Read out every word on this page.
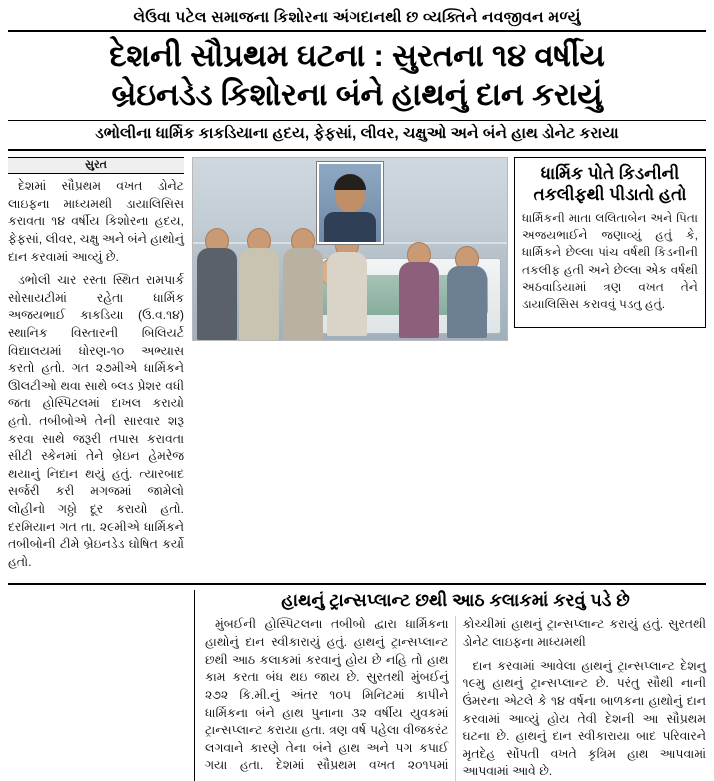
લેઉવા પટેલ સમાજના કિશોરના અંગદાનથી છ વ્યક્તિને નવજીવન મળ્યું
દેશની સૌપ્રથમ ઘટના : સુરતના ૧૪ વર્ષીય
બ્રેઇનડેડ કિશોરના બંને હાથનું દાન કરાયું
ડભોલીના ધાર્મિક કાકડિયાના હદય, ફેફસાં, લીવર, ચક્ષુઓ અને બંને હાથ ડોનેટ કરાયા
સુરત

દેશમાં સૌપ્રથમ વખત ડોનેટ લાઇફના માધ્યમથી ડાયાલિસિસ કરાવતા ૧૪ વર્ષીય કિશોરના હદય, ફેફસાં, લીવર, ચક્ષુ અને બંને હાથોનું દાન કરવામાં આવ્યું છે.

ડભોલી ચાર રસ્તા સ્થિત રામપાર્ક સોસાયટીમાં રહેતા ધાર્મિક અજયભાઈ કાકડિયા (ઉ.વ.૧૪) સ્થાનિક વિસ્તારની બિલિયર્ટ વિદ્યાલયમાં ધોરણ-૧૦ અભ્યાસ કરતો હતો. ગત ૨૭મીએ ધાર્મિકને ઊલટીઓ થવા સાથે બ્લડ પ્રેશર વધી જતા હોસ્પિટલમાં દાખલ કરાયો હતો. તબીબોએ તેની સારવાર શરૂ કરવા સાથે જરૂરી તપાસ કરાવતા સીટી સ્કેનમાં તેને બ્રેઇન હેમરેજ થયાનું નિદાન થયું હતું. ત્યારબાદ સર્જરી કરી મગજમાં જામેલો લોહીનો ગઠ્ઠો દૂર કરાયો હતો. દરમિયાન ગત તા. ૨૯મીએ ધાર્મિકને તબીબોની ટીમે બ્રેઇનડેડ ઘોષિત કર્યો હતો.

ધાર્મિક પોતે કિડનીની
તકલીફથી પીડાતો હતો

ધાર્મિકની માતા લલિતાબેન અને પિતા અજયભાઈને જણાવ્યું હતું કે, ધાર્મિકને છેલ્લા પાંચ વર્ષથી કિડનીની તકલીફ હતી અને છેલ્લા એક વર્ષથી અઠવાડિયામાં ત્રણ વખત તેને ડાયાલિસિસ કરાવવું પડતુ હતું.

હાથનું ટ્રાન્સપ્લાન્ટ છથી આઠ કલાકમાં કરવું પડે છે

મુંબઈની હોસ્પિટલના તબીબો દ્વારા ધાર્મિકના હાથોનું દાન સ્વીકારાયું હતું. હાથનું ટ્રાન્સપ્લાન્ટ છથી આઠ કલાકમાં કરવાનું હોય છે નહિ તો હાથ કામ કરતા બંધ થઇ જાય છે. સુરતથી મુંબઈનું ૨૭૨ કિ.મી.નું અંતર ૧૦૫ મિનિટમાં કાપીને ધાર્મિકના બંને હાથ પુનાના ૩૨ વર્ષીય યુવકમાં ટ્રાન્સપ્લાન્ટ કરાયા હતા. ત્રણ વર્ષ પહેલા વીજકરંટ લગવાને કારણે તેના બંને હાથ અને પગ કપાઈ ગયા હતા. દેશમાં સૌપ્રથમ વખત ૨૦૧૫માં કોચ્ચીમાં હાથનું ટ્રાન્સપ્લાન્ટ કરાયું હતું. સુરતથી ડોનેટ લાઇફના માધ્યમથી

દાન કરવામાં આવેલા હાથનું ટ્રાન્સપ્લાન્ટ દેશનુ ૧૯મુ હાથનું ટ્રાન્સપ્લાન્ટ છે. પરંતુ સૌથી નાની ઉંમરના એટલે કે ૧૪ વર્ષના બાળકના હાથોનું દાન કરવામાં આવ્યું હોય તેવી દેશની આ સૌપ્રથમ ઘટના છે. હાથનું દાન સ્વીકારાયા બાદ પરિવારને મૃતદેહ સોંપતી વખતે કૃત્રિમ હાથ આપવામાં આપવામાં આવે છે.
